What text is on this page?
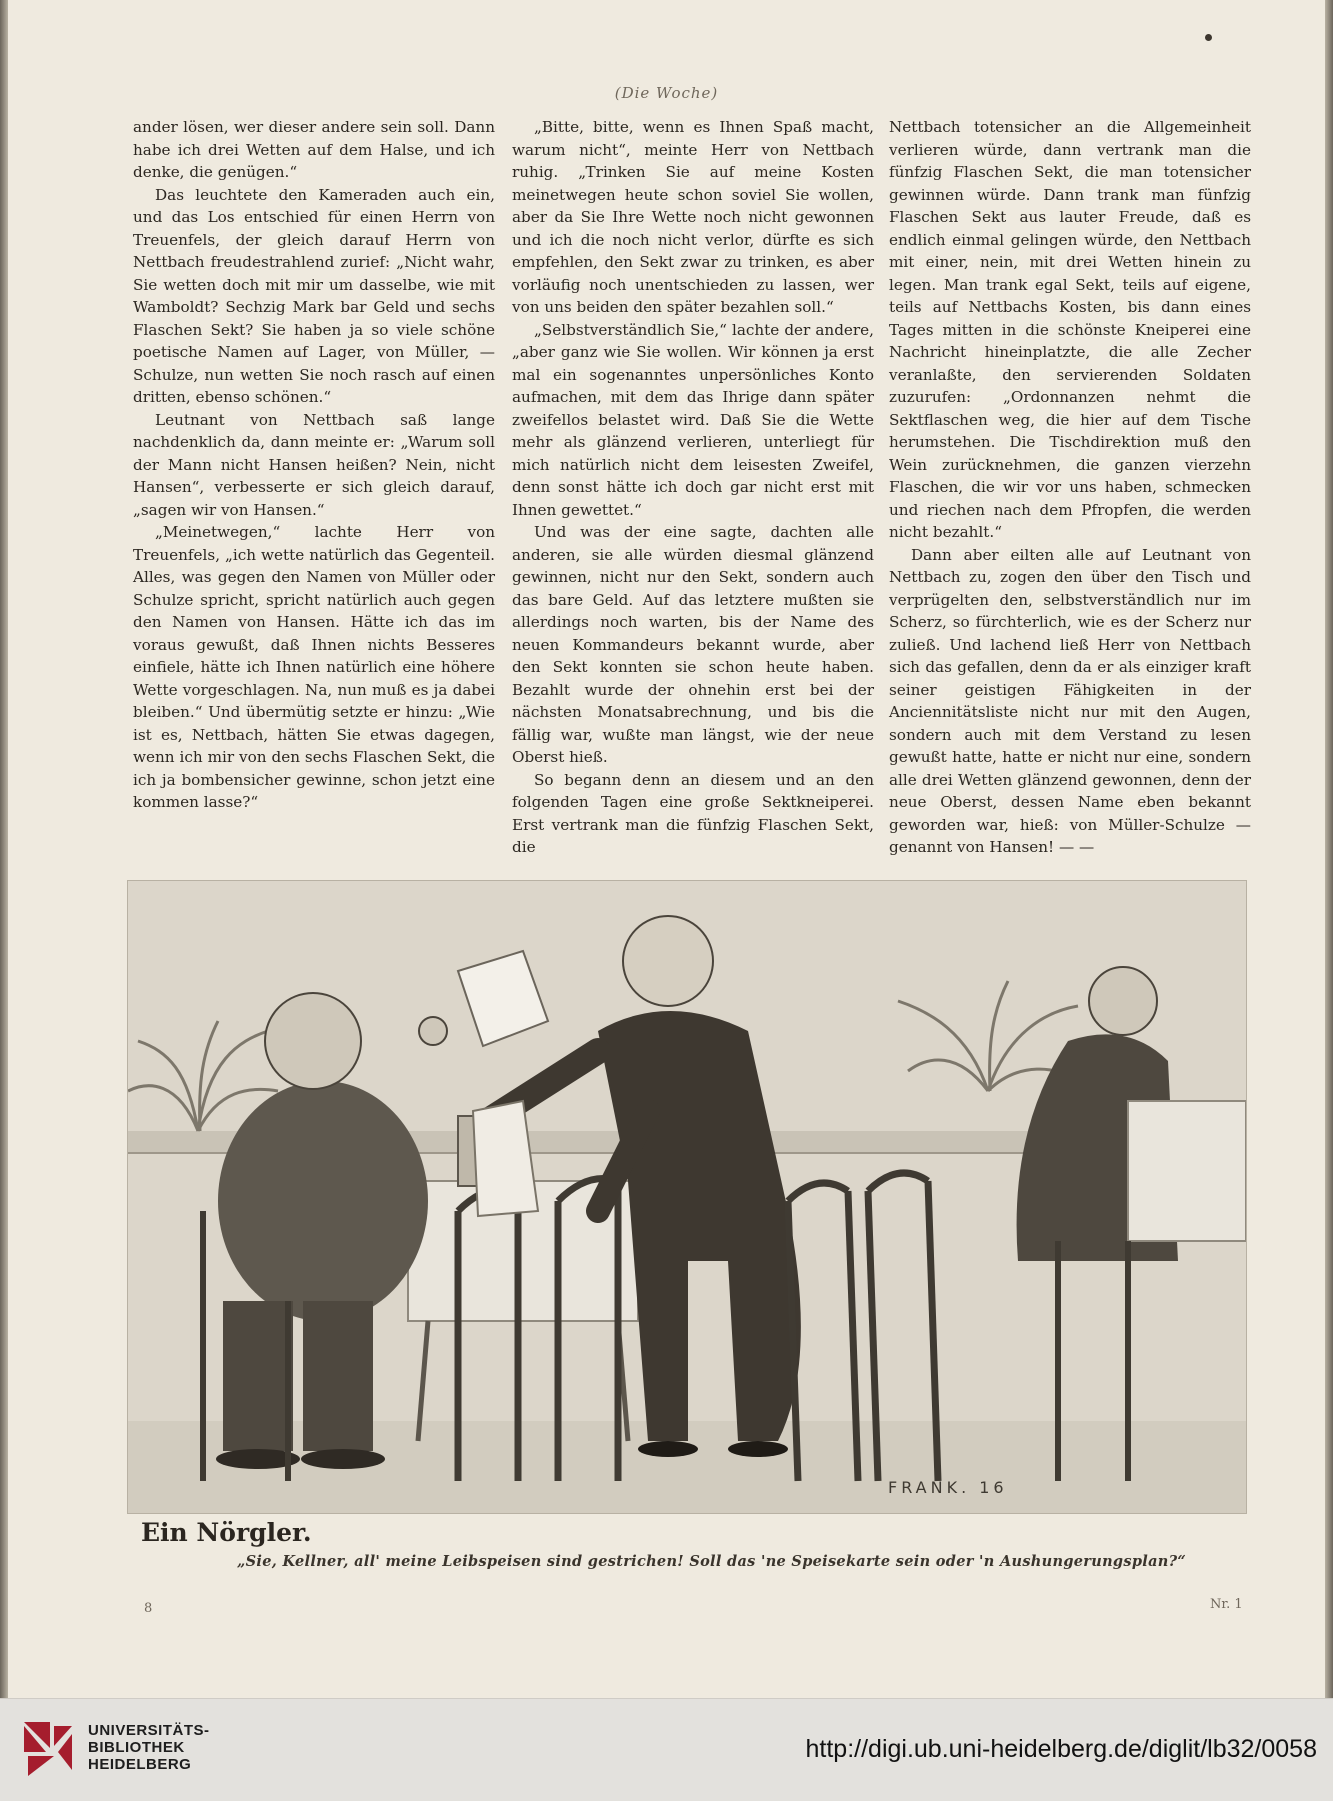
(Die Woche)

ander lösen, wer dieser andere sein soll. Dann habe ich drei Wetten auf dem Halse, und ich denke, die genügen.“

Das leuchtete den Kameraden auch ein, und das Los entschied für einen Herrn von Treuenfels, der gleich darauf Herrn von Nettbach freudestrahlend zurief: „Nicht wahr, Sie wetten doch mit mir um dasselbe, wie mit Wamboldt? Sechzig Mark bar Geld und sechs Flaschen Sekt? Sie haben ja so viele schöne poetische Namen auf Lager, von Müller, — Schulze, nun wetten Sie noch rasch auf einen dritten, ebenso schönen.“

Leutnant von Nettbach saß lange nachdenklich da, dann meinte er: „Warum soll der Mann nicht Hansen heißen? Nein, nicht Hansen“, verbesserte er sich gleich darauf, „sagen wir von Hansen.“

„Meinetwegen,“ lachte Herr von Treuenfels, „ich wette natürlich das Gegenteil. Alles, was gegen den Namen von Müller oder Schulze spricht, spricht natürlich auch gegen den Namen von Hansen. Hätte ich das im voraus gewußt, daß Ihnen nichts Besseres einfiele, hätte ich Ihnen natürlich eine höhere Wette vorgeschlagen. Na, nun muß es ja dabei bleiben.“ Und übermütig setzte er hinzu: „Wie ist es, Nettbach, hätten Sie etwas dagegen, wenn ich mir von den sechs Flaschen Sekt, die ich ja bombensicher gewinne, schon jetzt eine kommen lasse?“

„Bitte, bitte, wenn es Ihnen Spaß macht, warum nicht“, meinte Herr von Nettbach ruhig. „Trinken Sie auf meine Kosten meinetwegen heute schon soviel Sie wollen, aber da Sie Ihre Wette noch nicht gewonnen und ich die noch nicht verlor, dürfte es sich empfehlen, den Sekt zwar zu trinken, es aber vorläufig noch unentschieden zu lassen, wer von uns beiden den später bezahlen soll.“

„Selbstverständlich Sie,“ lachte der andere, „aber ganz wie Sie wollen. Wir können ja erst mal ein sogenanntes unpersönliches Konto aufmachen, mit dem das Ihrige dann später zweifellos belastet wird. Daß Sie die Wette mehr als glänzend verlieren, unterliegt für mich natürlich nicht dem leisesten Zweifel, denn sonst hätte ich doch gar nicht erst mit Ihnen gewettet.“

Und was der eine sagte, dachten alle anderen, sie alle würden diesmal glänzend gewinnen, nicht nur den Sekt, sondern auch das bare Geld. Auf das letztere mußten sie allerdings noch warten, bis der Name des neuen Kommandeurs bekannt wurde, aber den Sekt konnten sie schon heute haben. Bezahlt wurde der ohnehin erst bei der nächsten Monatsabrechnung, und bis die fällig war, wußte man längst, wie der neue Oberst hieß.

So begann denn an diesem und an den folgenden Tagen eine große Sektkneiperei. Erst vertrank man die fünfzig Flaschen Sekt, die

Nettbach totensicher an die Allgemeinheit verlieren würde, dann vertrank man die fünfzig Flaschen Sekt, die man totensicher gewinnen würde. Dann trank man fünfzig Flaschen Sekt aus lauter Freude, daß es endlich einmal gelingen würde, den Nettbach mit einer, nein, mit drei Wetten hinein zu legen. Man trank egal Sekt, teils auf eigene, teils auf Nettbachs Kosten, bis dann eines Tages mitten in die schönste Kneiperei eine Nachricht hineinplatzte, die alle Zecher veranlaßte, den servierenden Soldaten zuzurufen: „Ordonnanzen nehmt die Sektflaschen weg, die hier auf dem Tische herumstehen. Die Tischdirektion muß den Wein zurücknehmen, die ganzen vierzehn Flaschen, die wir vor uns haben, schmecken und riechen nach dem Pfropfen, die werden nicht bezahlt.“

Dann aber eilten alle auf Leutnant von Nettbach zu, zogen den über den Tisch und verprügelten den, selbstverständlich nur im Scherz, so fürchterlich, wie es der Scherz nur zuließ. Und lachend ließ Herr von Nettbach sich das gefallen, denn da er als einziger kraft seiner geistigen Fähigkeiten in der Anciennitätsliste nicht nur mit den Augen, sondern auch mit dem Verstand zu lesen gewußt hatte, hatte er nicht nur eine, sondern alle drei Wetten glänzend gewonnen, denn der neue Oberst, dessen Name eben bekannt geworden war, hieß: von Müller-Schulze — genannt von Hansen! — —

FRANK. 16
Ein Nörgler.
„Sie, Kellner, all' meine Leibspeisen sind gestrichen! Soll das 'ne Speisekarte sein oder 'n Aushungerungsplan?“
8	Nr. 1
UNIVERSITÄTS-
BIBLIOTHEK
HEIDELBERG
http://digi.ub.uni-heidelberg.de/diglit/lb32/0058
